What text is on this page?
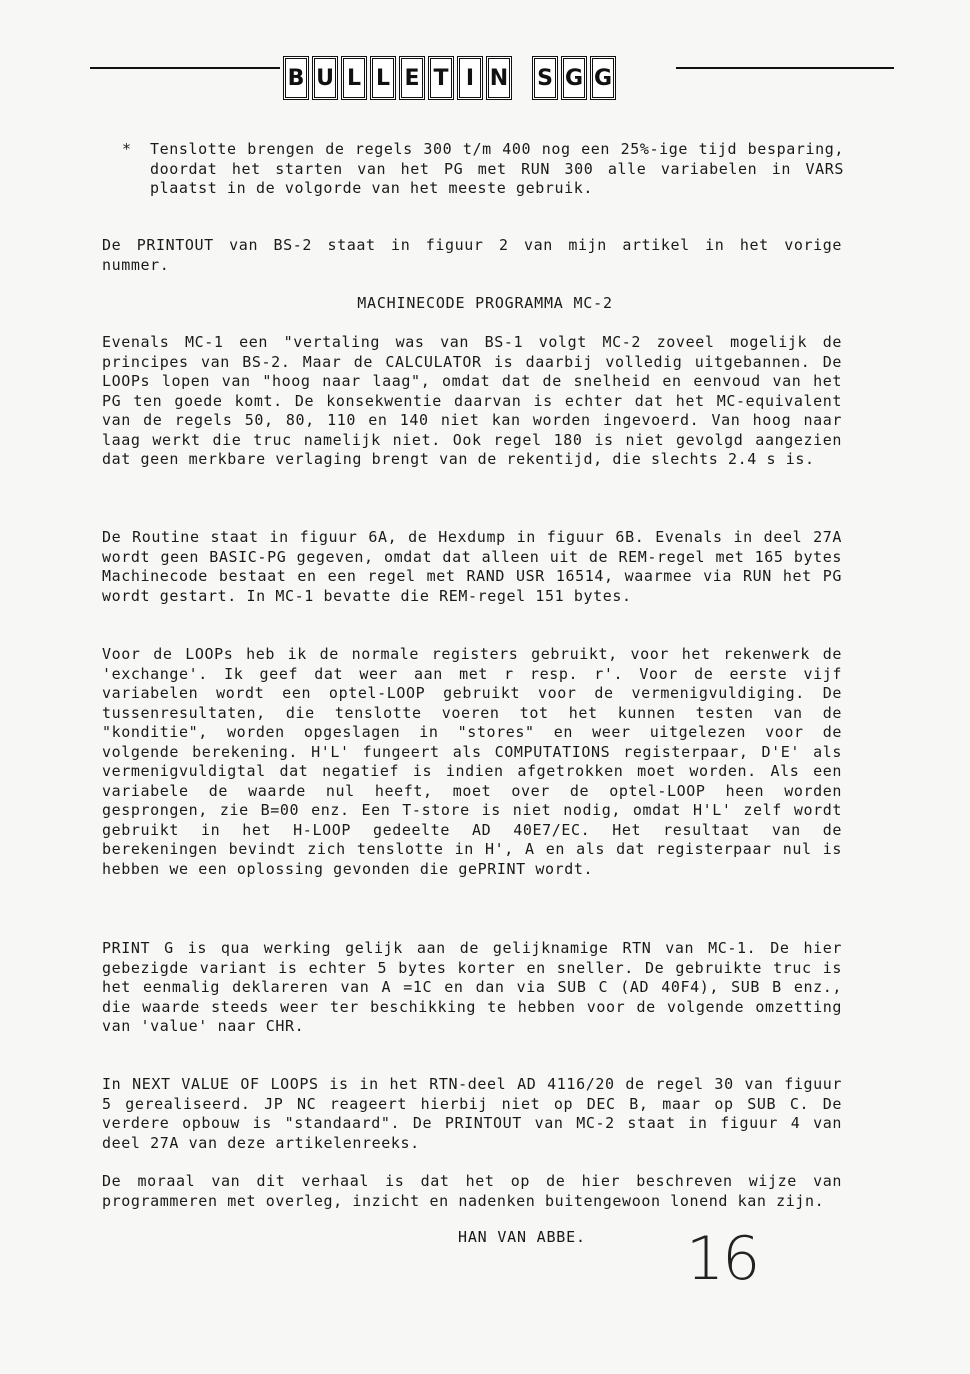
B U L L E T I N S G G
* Tenslotte brengen de regels 300 t/m 400 nog een 25%-ige tijd besparing, doordat het starten van het PG met RUN 300 alle variabelen in VARS plaatst in de volgorde van het meeste gebruik.
De PRINTOUT van BS-2 staat in figuur 2 van mijn artikel in het vorige nummer.
MACHINECODE PROGRAMMA MC-2
Evenals MC-1 een "vertaling was van BS-1 volgt MC-2 zoveel mogelijk de principes van BS-2. Maar de CALCULATOR is daarbij volledig uitgebannen. De LOOPs lopen van "hoog naar laag", omdat dat de snelheid en eenvoud van het PG ten goede komt. De konsekwentie daarvan is echter dat het MC-equivalent van de regels 50, 80, 110 en 140 niet kan worden ingevoerd. Van hoog naar laag werkt die truc namelijk niet. Ook regel 180 is niet gevolgd aangezien dat geen merkbare verlaging brengt van de rekentijd, die slechts 2.4 s is.
De Routine staat in figuur 6A, de Hexdump in figuur 6B. Evenals in deel 27A wordt geen BASIC-PG gegeven, omdat dat alleen uit de REM-regel met 165 bytes Machinecode bestaat en een regel met RAND USR 16514, waarmee via RUN het PG wordt gestart. In MC-1 bevatte die REM-regel 151 bytes.
Voor de LOOPs heb ik de normale registers gebruikt, voor het rekenwerk de 'exchange'. Ik geef dat weer aan met r resp. r'. Voor de eerste vijf variabelen wordt een optel-LOOP gebruikt voor de vermenigvuldiging. De tussenresultaten, die tenslotte voeren tot het kunnen testen van de "konditie", worden opgeslagen in "stores" en weer uitgelezen voor de volgende berekening. H'L' fungeert als COMPUTATIONS registerpaar, D'E' als vermenigvuldigtal dat negatief is indien afgetrokken moet worden. Als een variabele de waarde nul heeft, moet over de optel-LOOP heen worden gesprongen, zie B=00 enz. Een T-store is niet nodig, omdat H'L' zelf wordt gebruikt in het H-LOOP gedeelte AD 40E7/EC. Het resultaat van de berekeningen bevindt zich tenslotte in H', A en als dat registerpaar nul is hebben we een oplossing gevonden die gePRINT wordt.
PRINT G is qua werking gelijk aan de gelijknamige RTN van MC-1. De hier gebezigde variant is echter 5 bytes korter en sneller. De gebruikte truc is het eenmalig deklareren van A =1C en dan via SUB C (AD 40F4), SUB B enz., die waarde steeds weer ter beschikking te hebben voor de volgende omzetting van 'value' naar CHR.
In NEXT VALUE OF LOOPS is in het RTN-deel AD 4116/20 de regel 30 van figuur 5 gerealiseerd. JP NC reageert hierbij niet op DEC B, maar op SUB C. De verdere opbouw is "standaard". De PRINTOUT van MC-2 staat in figuur 4 van deel 27A van deze artikelenreeks.
De moraal van dit verhaal is dat het op de hier beschreven wijze van programmeren met overleg, inzicht en nadenken buitengewoon lonend kan zijn.
HAN VAN ABBE. 16
